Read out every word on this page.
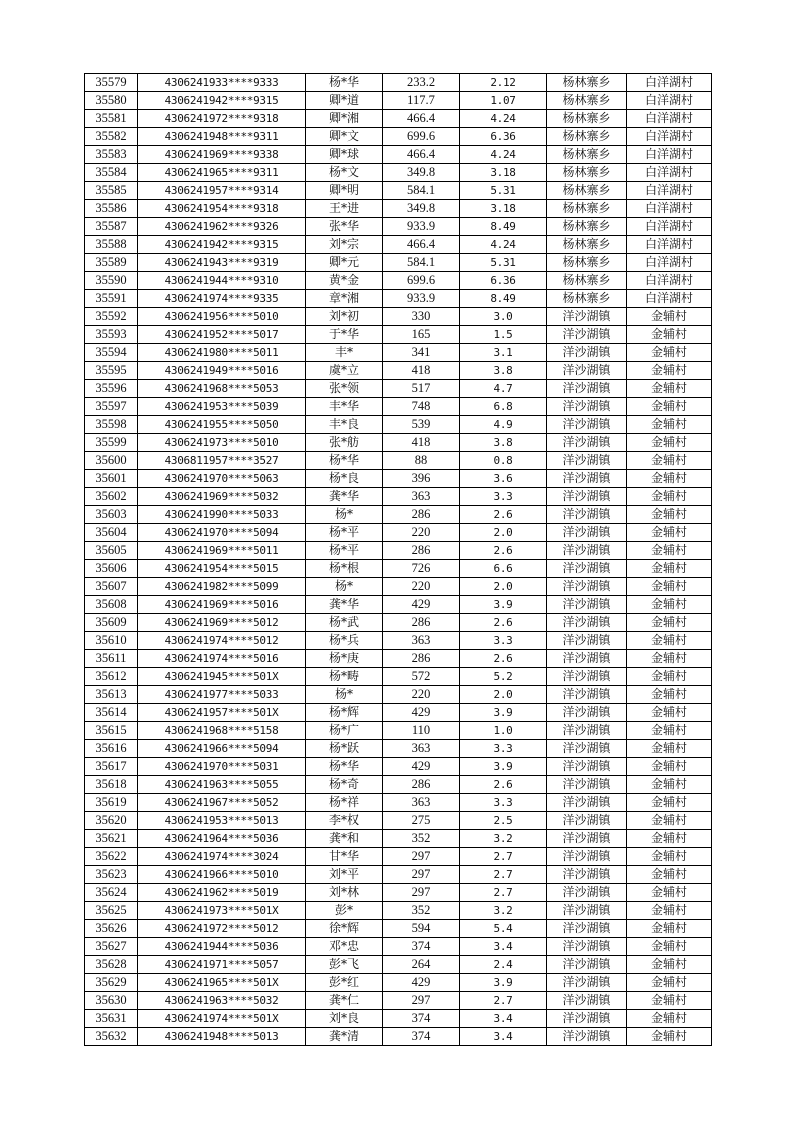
35579	4306241933****9333	杨*华	233.2	2.12	杨林寨乡	白洋湖村
35580	4306241942****9315	卿*道	117.7	1.07	杨林寨乡	白洋湖村
35581	4306241972****9318	卿*湘	466.4	4.24	杨林寨乡	白洋湖村
35582	4306241948****9311	卿*文	699.6	6.36	杨林寨乡	白洋湖村
35583	4306241969****9338	卿*球	466.4	4.24	杨林寨乡	白洋湖村
35584	4306241965****9311	杨*文	349.8	3.18	杨林寨乡	白洋湖村
35585	4306241957****9314	卿*明	584.1	5.31	杨林寨乡	白洋湖村
35586	4306241954****9318	王*进	349.8	3.18	杨林寨乡	白洋湖村
35587	4306241962****9326	张*华	933.9	8.49	杨林寨乡	白洋湖村
35588	4306241942****9315	刘*宗	466.4	4.24	杨林寨乡	白洋湖村
35589	4306241943****9319	卿*元	584.1	5.31	杨林寨乡	白洋湖村
35590	4306241944****9310	黄*金	699.6	6.36	杨林寨乡	白洋湖村
35591	4306241974****9335	章*湘	933.9	8.49	杨林寨乡	白洋湖村
35592	4306241956****5010	刘*初	330	3.0	洋沙湖镇	金辅村
35593	4306241952****5017	于*华	165	1.5	洋沙湖镇	金辅村
35594	4306241980****5011	丰*	341	3.1	洋沙湖镇	金辅村
35595	4306241949****5016	虞*立	418	3.8	洋沙湖镇	金辅村
35596	4306241968****5053	张*领	517	4.7	洋沙湖镇	金辅村
35597	4306241953****5039	丰*华	748	6.8	洋沙湖镇	金辅村
35598	4306241955****5050	丰*良	539	4.9	洋沙湖镇	金辅村
35599	4306241973****5010	张*舫	418	3.8	洋沙湖镇	金辅村
35600	4306811957****3527	杨*华	88	0.8	洋沙湖镇	金辅村
35601	4306241970****5063	杨*良	396	3.6	洋沙湖镇	金辅村
35602	4306241969****5032	龚*华	363	3.3	洋沙湖镇	金辅村
35603	4306241990****5033	杨*	286	2.6	洋沙湖镇	金辅村
35604	4306241970****5094	杨*平	220	2.0	洋沙湖镇	金辅村
35605	4306241969****5011	杨*平	286	2.6	洋沙湖镇	金辅村
35606	4306241954****5015	杨*根	726	6.6	洋沙湖镇	金辅村
35607	4306241982****5099	杨*	220	2.0	洋沙湖镇	金辅村
35608	4306241969****5016	龚*华	429	3.9	洋沙湖镇	金辅村
35609	4306241969****5012	杨*武	286	2.6	洋沙湖镇	金辅村
35610	4306241974****5012	杨*兵	363	3.3	洋沙湖镇	金辅村
35611	4306241974****5016	杨*庚	286	2.6	洋沙湖镇	金辅村
35612	4306241945****501X	杨*畴	572	5.2	洋沙湖镇	金辅村
35613	4306241977****5033	杨*	220	2.0	洋沙湖镇	金辅村
35614	4306241957****501X	杨*辉	429	3.9	洋沙湖镇	金辅村
35615	4306241968****5158	杨*广	110	1.0	洋沙湖镇	金辅村
35616	4306241966****5094	杨*跃	363	3.3	洋沙湖镇	金辅村
35617	4306241970****5031	杨*华	429	3.9	洋沙湖镇	金辅村
35618	4306241963****5055	杨*奇	286	2.6	洋沙湖镇	金辅村
35619	4306241967****5052	杨*祥	363	3.3	洋沙湖镇	金辅村
35620	4306241953****5013	李*权	275	2.5	洋沙湖镇	金辅村
35621	4306241964****5036	龚*和	352	3.2	洋沙湖镇	金辅村
35622	4306241974****3024	甘*华	297	2.7	洋沙湖镇	金辅村
35623	4306241966****5010	刘*平	297	2.7	洋沙湖镇	金辅村
35624	4306241962****5019	刘*林	297	2.7	洋沙湖镇	金辅村
35625	4306241973****501X	彭*	352	3.2	洋沙湖镇	金辅村
35626	4306241972****5012	徐*辉	594	5.4	洋沙湖镇	金辅村
35627	4306241944****5036	邓*忠	374	3.4	洋沙湖镇	金辅村
35628	4306241971****5057	彭*飞	264	2.4	洋沙湖镇	金辅村
35629	4306241965****501X	彭*红	429	3.9	洋沙湖镇	金辅村
35630	4306241963****5032	龚*仁	297	2.7	洋沙湖镇	金辅村
35631	4306241974****501X	刘*良	374	3.4	洋沙湖镇	金辅村
35632	4306241948****5013	龚*清	374	3.4	洋沙湖镇	金辅村
